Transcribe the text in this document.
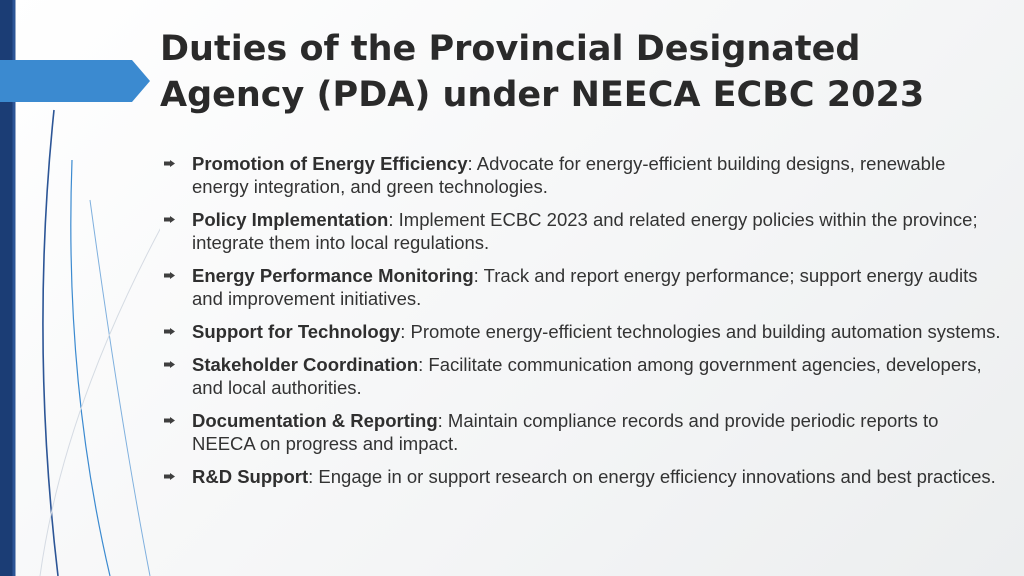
Duties of the Provincial Designated Agency (PDA) under NEECA ECBC 2023
Promotion of Energy Efficiency: Advocate for energy-efficient building designs, renewable energy integration, and green technologies.
Policy Implementation: Implement ECBC 2023 and related energy policies within the province; integrate them into local regulations.
Energy Performance Monitoring: Track and report energy performance; support energy audits and improvement initiatives.
Support for Technology: Promote energy-efficient technologies and building automation systems.
Stakeholder Coordination: Facilitate communication among government agencies, developers, and local authorities.
Documentation & Reporting: Maintain compliance records and provide periodic reports to NEECA on progress and impact.
R&D Support: Engage in or support research on energy efficiency innovations and best practices.
